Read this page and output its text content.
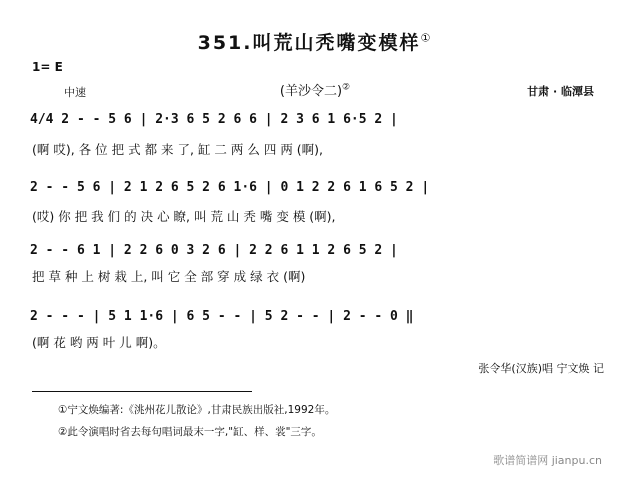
351.叫荒山秃嘴变模样①
1= E
中速	(羊沙令二)②	甘肃 · 临潭县
4/4 2 - - 5 6 | 2·3 6 5 2 6 6 | 2 3 6 1 6·5 2 |
(啊 哎), 各 位 把 式 都 来 了, 缸 二 两 么 四 两 (啊),
2 - - 5 6 | 2 1 2 6 5 2 6 1·6 | 0 1 2 2 6 1 6 5 2 |
(哎) 你 把 我 们 的 决 心 瞭, 叫 荒 山 秃 嘴 变 模 (啊),
2 - - 6 1 | 2 2 6 0 3 2 6 | 2 2 6 1 1 2 6 5 2 |
把 草 种 上 树 栽 上, 叫 它 全 部 穿 成 绿 衣 (啊)
2 - - - | 5 1 1·6 | 6 5 - - | 5 2 - - | 2 - - 0 ‖
(啊 花 哟 两 叶 儿 啊)。
张令华(汉族)唱 宁文焕 记
①宁文焕编著:《洮州花儿散论》,甘肃民族出版社,1992年。
②此令演唱时省去每句唱词最末一字,"缸、样、裳"三字。
歌谱简谱网 jianpu.cn
